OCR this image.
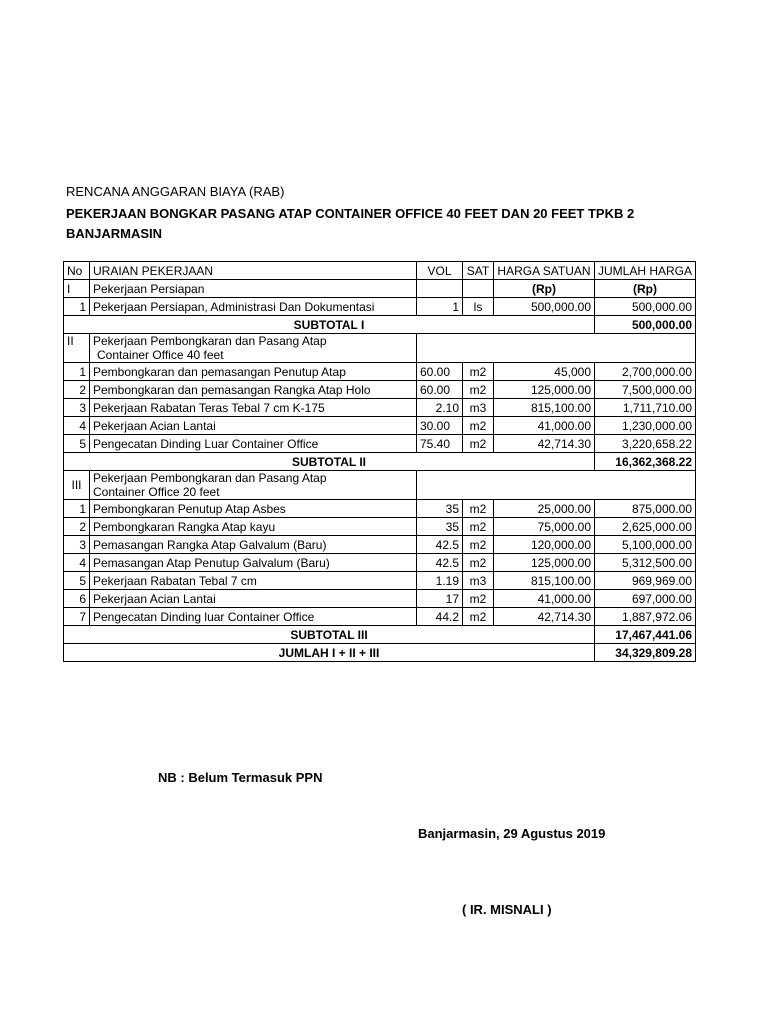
RENCANA ANGGARAN BIAYA (RAB)
PEKERJAAN BONGKAR PASANG ATAP CONTAINER OFFICE 40 FEET DAN 20 FEET TPKB 2
BANJARMASIN
No	URAIAN PEKERJAAN	VOL	SAT	HARGA SATUAN	JUMLAH HARGA
I	Pekerjaan Persiapan			(Rp)	(Rp)
1	Pekerjaan Persiapan, Administrasi Dan Dokumentasi	1	ls	500,000.00	500,000.00
SUBTOTAL I					500,000.00
II	Pekerjaan Pembongkaran dan Pasang Atap
Container Office 40 feet				

1	Pembongkaran dan pemasangan Penutup Atap	60.00	m2	45,000	2,700,000.00
2	Pembongkaran dan pemasangan Rangka Atap Holo	60.00	m2	125,000.00	7,500,000.00
3	Pekerjaan Rabatan Teras Tebal 7 cm K-175	2.10	m3	815,100.00	1,711,710.00
4	Pekerjaan Acian Lantai	30.00	m2	41,000.00	1,230,000.00
5	Pengecatan Dinding Luar Container Office	75.40	m2	42,714.30	3,220,658.22
SUBTOTAL II					16,362,368.22
III	Pekerjaan Pembongkaran dan Pasang Atap
Container Office 20 feet				

1	Pembongkaran Penutup Atap Asbes	35	m2	25,000.00	875,000.00
2	Pembongkaran Rangka Atap kayu	35	m2	75,000.00	2,625,000.00
3	Pemasangan Rangka Atap Galvalum (Baru)	42.5	m2	120,000.00	5,100,000.00
4	Pemasangan Atap Penutup Galvalum (Baru)	42.5	m2	125,000.00	5,312,500.00
5	Pekerjaan Rabatan Tebal 7 cm	1.19	m3	815,100.00	969,969.00
6	Pekerjaan Acian Lantai	17	m2	41,000.00	697,000.00
7	Pengecatan Dinding luar Container Office	44.2	m2	42,714.30	1,887,972.06
SUBTOTAL III					17,467,441.06
JUMLAH I + II + III					34,329,809.28
NB : Belum Termasuk PPN
Banjarmasin, 29 Agustus 2019
( IR. MISNALI )
